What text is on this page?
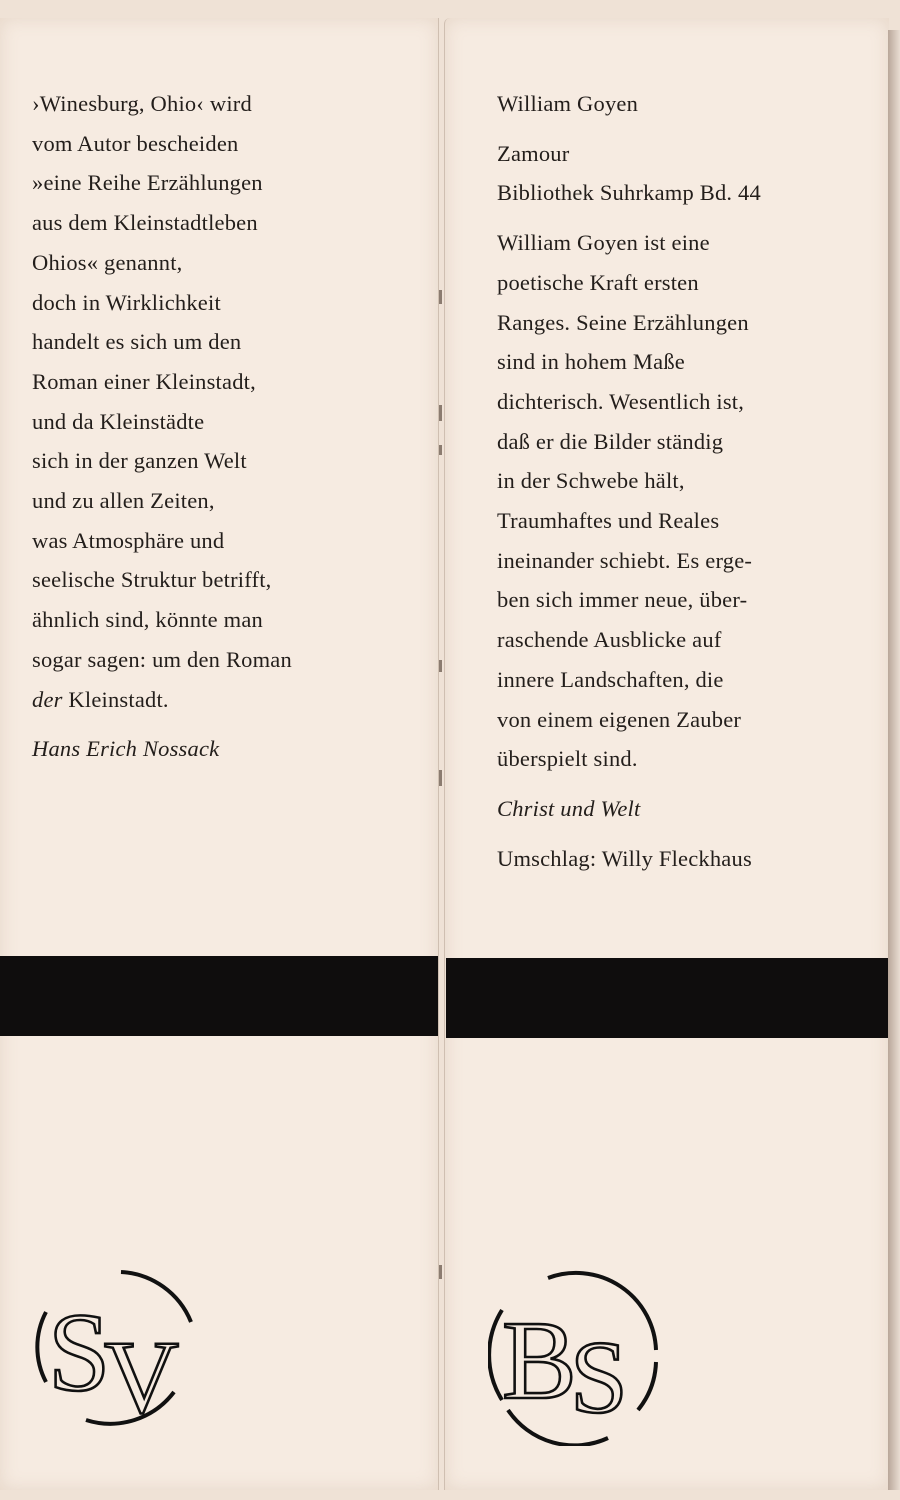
›Winesburg, Ohio‹ wird
vom Autor bescheiden
»eine Reihe Erzählungen
aus dem Kleinstadtleben
Ohios« genannt,
doch in Wirklichkeit
handelt es sich um den
Roman einer Kleinstadt,
und da Kleinstädte
sich in der ganzen Welt
und zu allen Zeiten,
was Atmosphäre und
seelische Struktur betrifft,
ähnlich sind, könnte man
sogar sagen: um den Roman
der Kleinstadt.
Hans Erich Nossack
William Goyen
Zamour
Bibliothek Suhrkamp Bd. 44
William Goyen ist eine
poetische Kraft ersten
Ranges. Seine Erzählungen
sind in hohem Maße
dichterisch. Wesentlich ist,
daß er die Bilder ständig
in der Schwebe hält,
Traumhaftes und Reales
ineinander schiebt. Es erge-
ben sich immer neue, über-
raschende Ausblicke auf
innere Landschaften, die
von einem eigenen Zauber
überspielt sind.
Christ und Welt
Umschlag: Willy Fleckhaus
S
V	B
S
